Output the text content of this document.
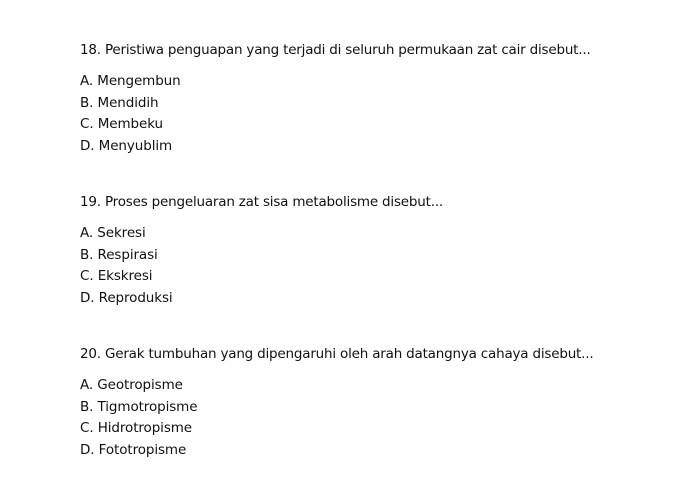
18. Peristiwa penguapan yang terjadi di seluruh permukaan zat cair disebut...
A. Mengembun
B. Mendidih
C. Membeku
D. Menyublim
19. Proses pengeluaran zat sisa metabolisme disebut...
A. Sekresi
B. Respirasi
C. Ekskresi
D. Reproduksi
20. Gerak tumbuhan yang dipengaruhi oleh arah datangnya cahaya disebut...
A. Geotropisme
B. Tigmotropisme
C. Hidrotropisme
D. Fototropisme
